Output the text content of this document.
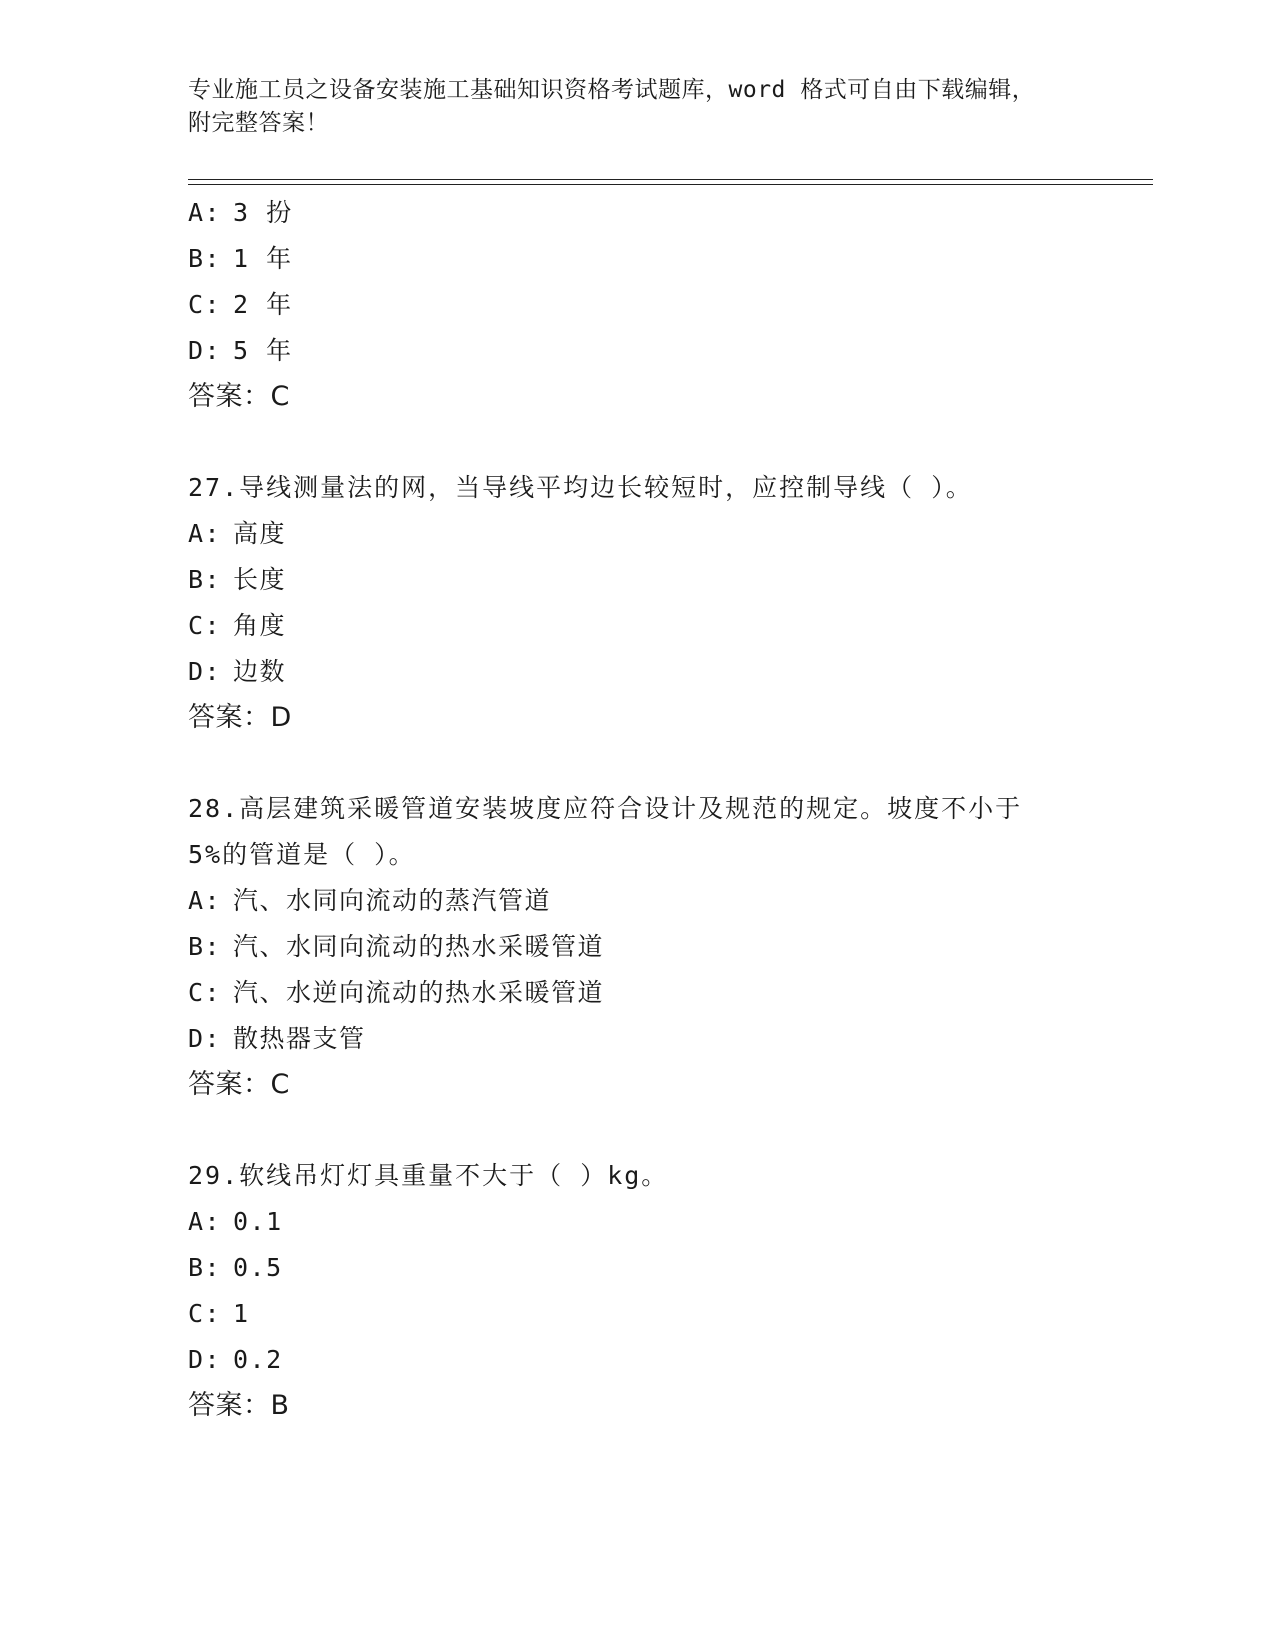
专业施工员之设备安装施工基础知识资格考试题库，word 格式可自由下载编辑，
附完整答案！
A: 3 扮
B: 1 年
C: 2 年
D: 5 年
答案：C
27.导线测量法的网，当导线平均边长较短时，应控制导线（ ）。
A: 高度
B: 长度
C: 角度
D: 边数
答案：D
28.高层建筑采暖管道安装坡度应符合设计及规范的规定。坡度不小于
5%的管道是（ ）。
A: 汽、水同向流动的蒸汽管道
B: 汽、水同向流动的热水采暖管道
C: 汽、水逆向流动的热水采暖管道
D: 散热器支管
答案：C
29.软线吊灯灯具重量不大于（ ）kg。
A: 0.1
B: 0.5
C: 1
D: 0.2
答案：B
